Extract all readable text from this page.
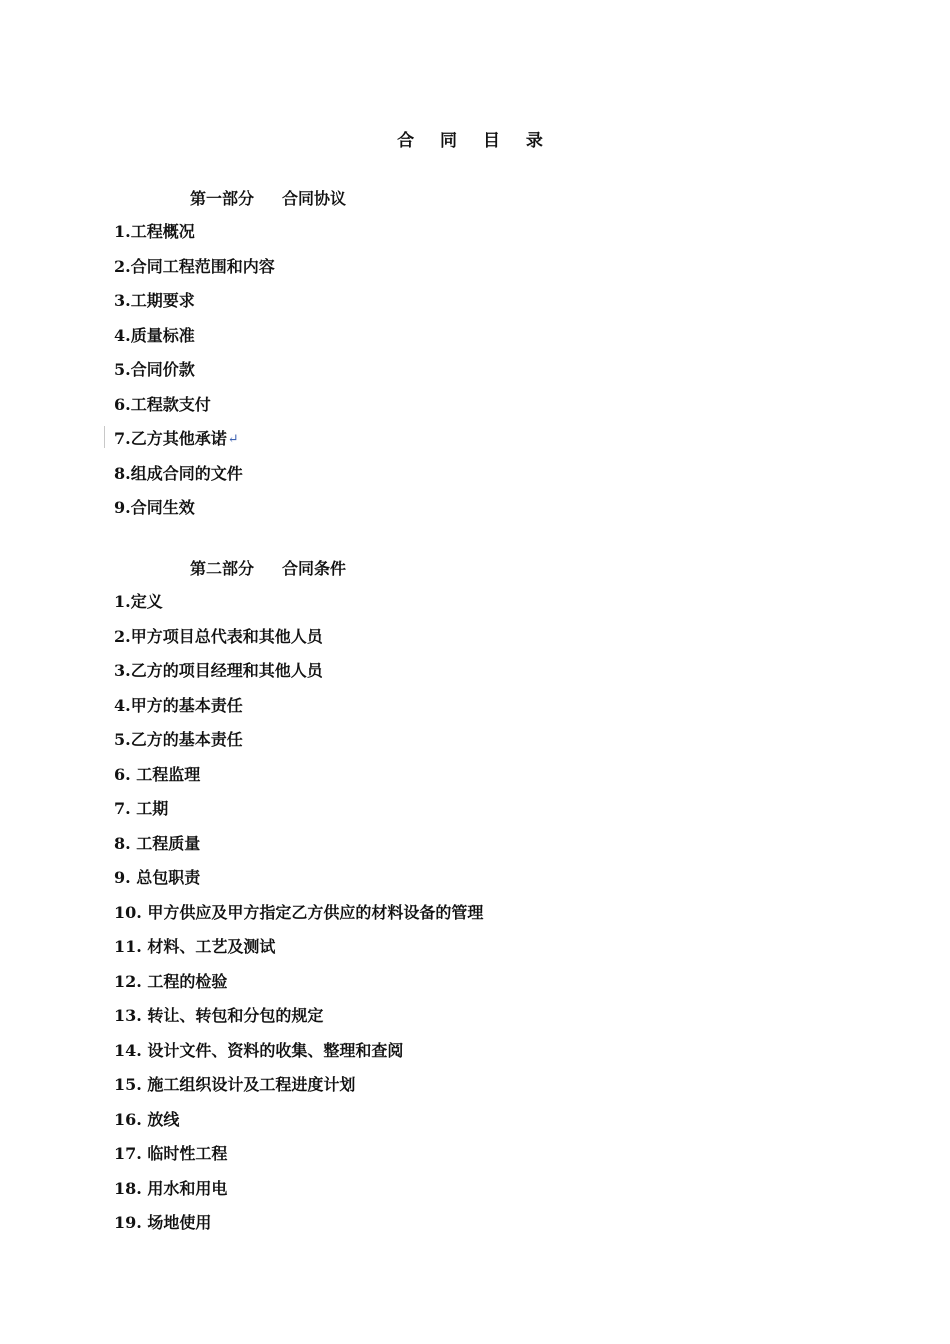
合 同 目 录
第一部分 合同协议
1.工程概况
2.合同工程范围和内容
3.工期要求
4.质量标准
5.合同价款
6.工程款支付
7.乙方其他承诺↵
8.组成合同的文件
9.合同生效
第二部分 合同条件
1.定义
2.甲方项目总代表和其他人员
3.乙方的项目经理和其他人员
4.甲方的基本责任
5.乙方的基本责任
6. 工程监理
7. 工期
8. 工程质量
9. 总包职责
10. 甲方供应及甲方指定乙方供应的材料设备的管理
11. 材料、工艺及测试
12. 工程的检验
13. 转让、转包和分包的规定
14. 设计文件、资料的收集、整理和查阅
15. 施工组织设计及工程进度计划
16. 放线
17. 临时性工程
18. 用水和用电
19. 场地使用
